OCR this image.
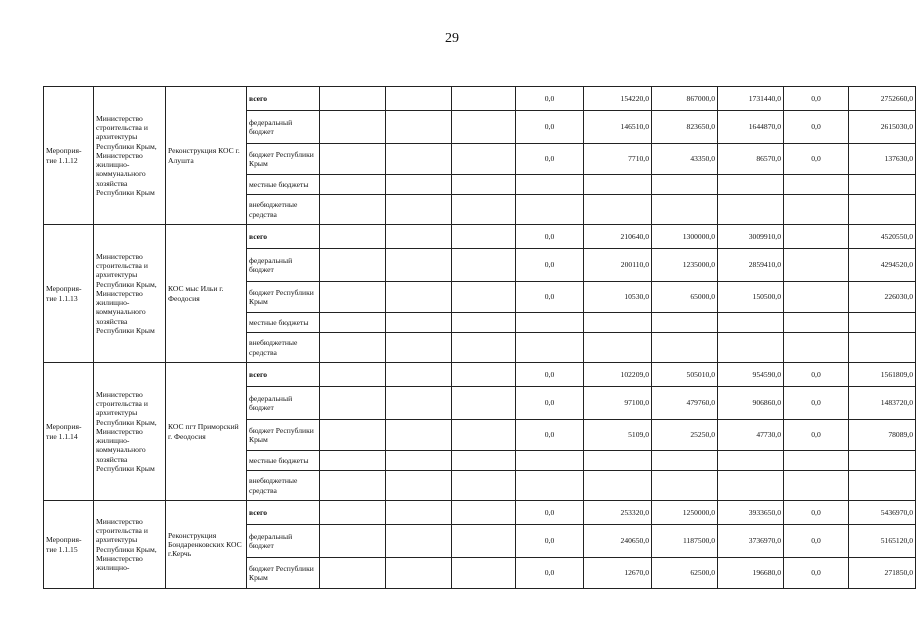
29
Мероприя-тие 1.1.12	Министерство строительства и архитектуры Республики Крым, Министерство жилищно-коммунального хозяйства Республики Крым	Реконструкция КОС г. Алушта	всего				0,0	154220,0	867000,0	1731440,0	0,0	2752660,0
			федеральный бюджет				0,0	146510,0	823650,0	1644870,0	0,0	2615030,0
			бюджет Республики Крым				0,0	7710,0	43350,0	86570,0	0,0	137630,0
			местные бюджеты									
			внебюджетные средства									
Мероприя-тие 1.1.13	Министерство строительства и архитектуры Республики Крым, Министерство жилищно-коммунального хозяйства Республики Крым	КОС мыс Ильи г. Феодосия	всего				0,0	210640,0	1300000,0	3009910,0		4520550,0
			федеральный бюджет				0,0	200110,0	1235000,0	2859410,0		4294520,0
			бюджет Республики Крым				0,0	10530,0	65000,0	150500,0		226030,0
			местные бюджеты									
			внебюджетные средства									
Мероприя-тие 1.1.14	Министерство строительства и архитектуры Республики Крым, Министерство жилищно-коммунального хозяйства Республики Крым	КОС пгт Приморский г. Феодосия	всего				0,0	102209,0	505010,0	954590,0	0,0	1561809,0
			федеральный бюджет				0,0	97100,0	479760,0	906860,0	0,0	1483720,0
			бюджет Республики Крым				0,0	5109,0	25250,0	47730,0	0,0	78089,0
			местные бюджеты									
			внебюджетные средства									
Мероприя-тие 1.1.15	Министерство строительства и архитектуры Республики Крым, Министерство жилищно-	Реконструкция Бондаренковских КОС г.Керчь	всего				0,0	253320,0	1250000,0	3933650,0	0,0	5436970,0
			федеральный бюджет				0,0	240650,0	1187500,0	3736970,0	0,0	5165120,0
			бюджет Республики Крым				0,0	12670,0	62500,0	196680,0	0,0	271850,0
